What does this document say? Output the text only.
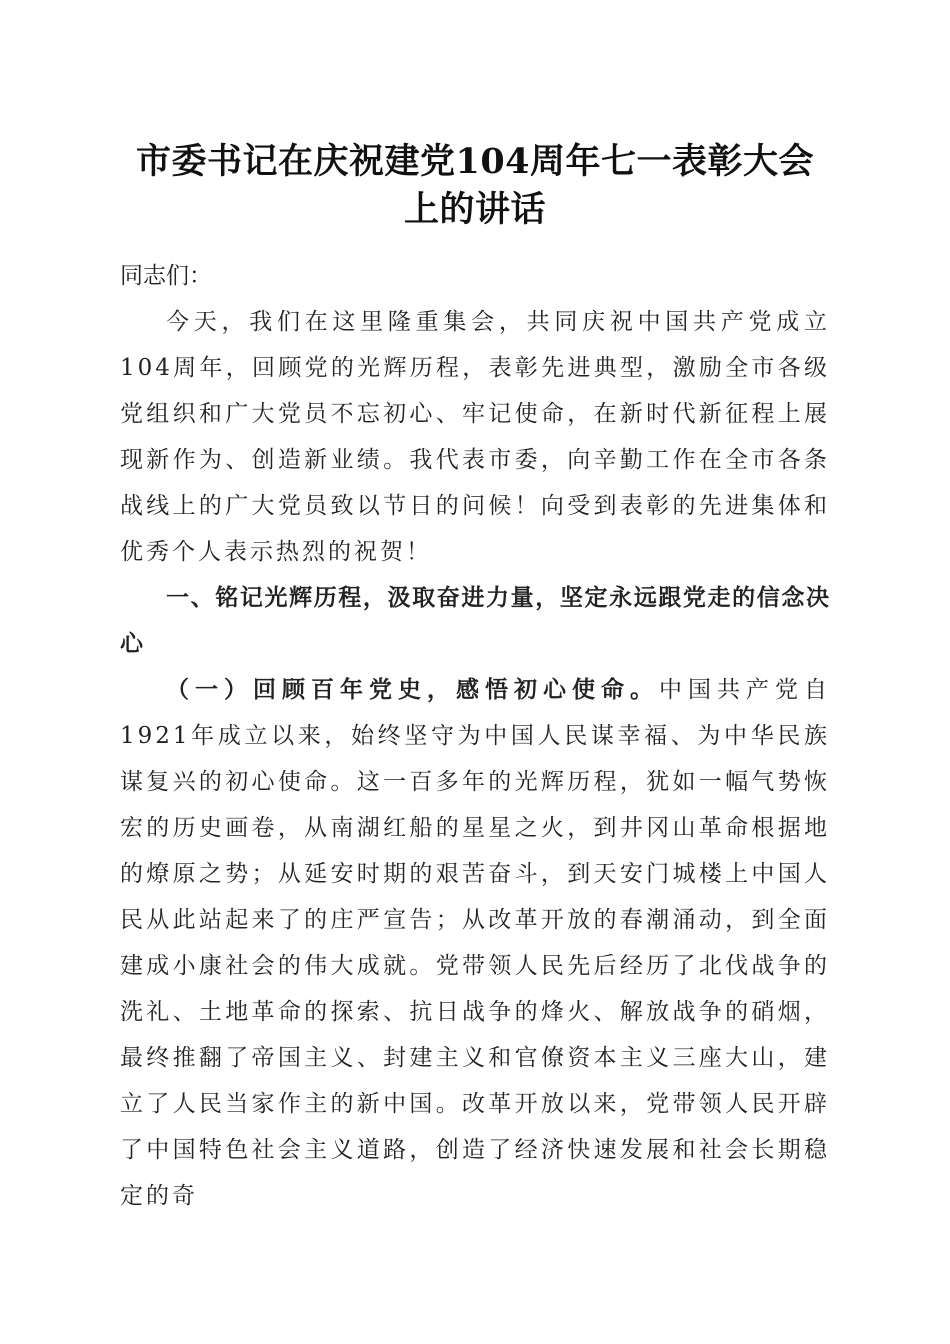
市委书记在庆祝建党104周年七一表彰大会上的讲话

同志们：

今天，我们在这里隆重集会，共同庆祝中国共产党成立104周年，回顾党的光辉历程，表彰先进典型，激励全市各级党组织和广大党员不忘初心、牢记使命，在新时代新征程上展现新作为、创造新业绩。我代表市委，向辛勤工作在全市各条战线上的广大党员致以节日的问候！向受到表彰的先进集体和优秀个人表示热烈的祝贺！

一、铭记光辉历程，汲取奋进力量，坚定永远跟党走的信念决心

（一）回顾百年党史，感悟初心使命。中国共产党自1921年成立以来，始终坚守为中国人民谋幸福、为中华民族谋复兴的初心使命。这一百多年的光辉历程，犹如一幅气势恢宏的历史画卷，从南湖红船的星星之火，到井冈山革命根据地的燎原之势；从延安时期的艰苦奋斗，到天安门城楼上中国人民从此站起来了的庄严宣告；从改革开放的春潮涌动，到全面建成小康社会的伟大成就。党带领人民先后经历了北伐战争的洗礼、土地革命的探索、抗日战争的烽火、解放战争的硝烟，最终推翻了帝国主义、封建主义和官僚资本主义三座大山，建立了人民当家作主的新中国。改革开放以来，党带领人民开辟了中国特色社会主义道路，创造了经济快速发展和社会长期稳定的奇
